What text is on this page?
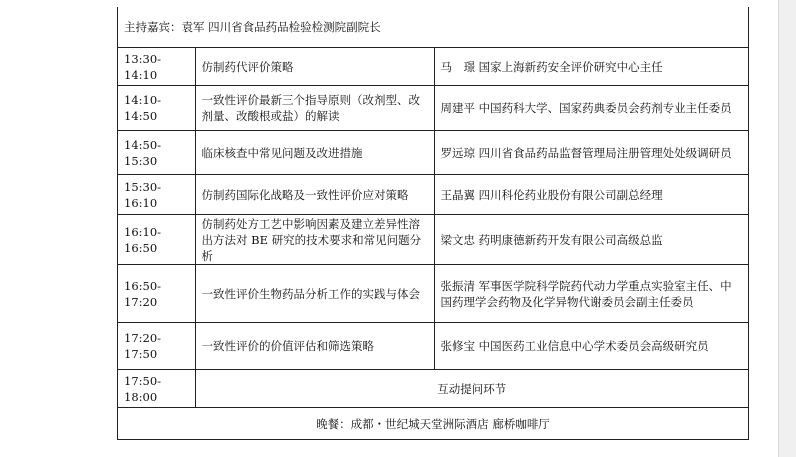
主持嘉宾：袁军 四川省食品药品检验检测院副院长		
13:30-14:10	仿制药代评价策略	马　璟 国家上海新药安全评价研究中心主任
14:10-14:50	一致性评价最新三个指导原则（改剂型、改剂量、改酸根或盐）的解读	周建平 中国药科大学、国家药典委员会药剂专业主任委员
14:50-15:30	临床核查中常见问题及改进措施	罗远琼 四川省食品药品监督管理局注册管理处处级调研员
15:30-16:10	仿制药国际化战略及一致性评价应对策略	王晶翼 四川科伦药业股份有限公司副总经理
16:10-16:50	仿制药处方工艺中影响因素及建立差异性溶出方法对 BE 研究的技术要求和常见问题分析	梁文忠 药明康德新药开发有限公司高级总监
16:50-17:20	一致性评价生物药品分析工作的实践与体会	张振清 军事医学院科学院药代动力学重点实验室主任、中国药理学会药物及化学异物代谢委员会副主任委员
17:20-17:50	一致性评价的价值评估和筛选策略	张修宝 中国医药工业信息中心学术委员会高级研究员
17:50-18:00	互动提问环节	
晚餐：成都・世纪城天堂洲际酒店 廊桥咖啡厅		
